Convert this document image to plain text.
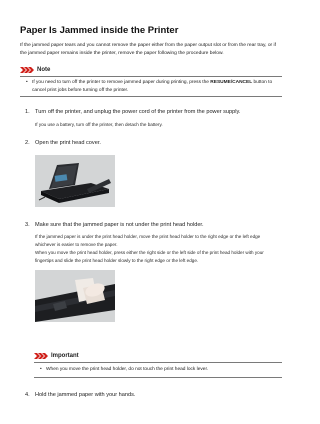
Paper Is Jammed inside the Printer

If the jammed paper tears and you cannot remove the paper either from the paper output slot or from the rear tray, or if the jammed paper remains inside the printer, remove the paper following the procedure below.

Note

• If you need to turn off the printer to remove jammed paper during printing, press the RESUME/CANCEL button to cancel print jobs before turning off the printer.

1. Turn off the printer, and unplug the power cord of the printer from the power supply.

If you use a battery, turn off the printer, then detach the battery.

2. Open the print head cover.

3. Make sure that the jammed paper is not under the print head holder.

If the jammed paper is under the print head holder, move the print head holder to the right edge or the left edge whichever is easier to remove the paper.

When you move the print head holder, press either the right side or the left side of the print head holder with your fingertips and slide the print head holder slowly to the right edge or the left edge.

Important

• When you move the print head holder, do not touch the print head lock lever.

4. Hold the jammed paper with your hands.
